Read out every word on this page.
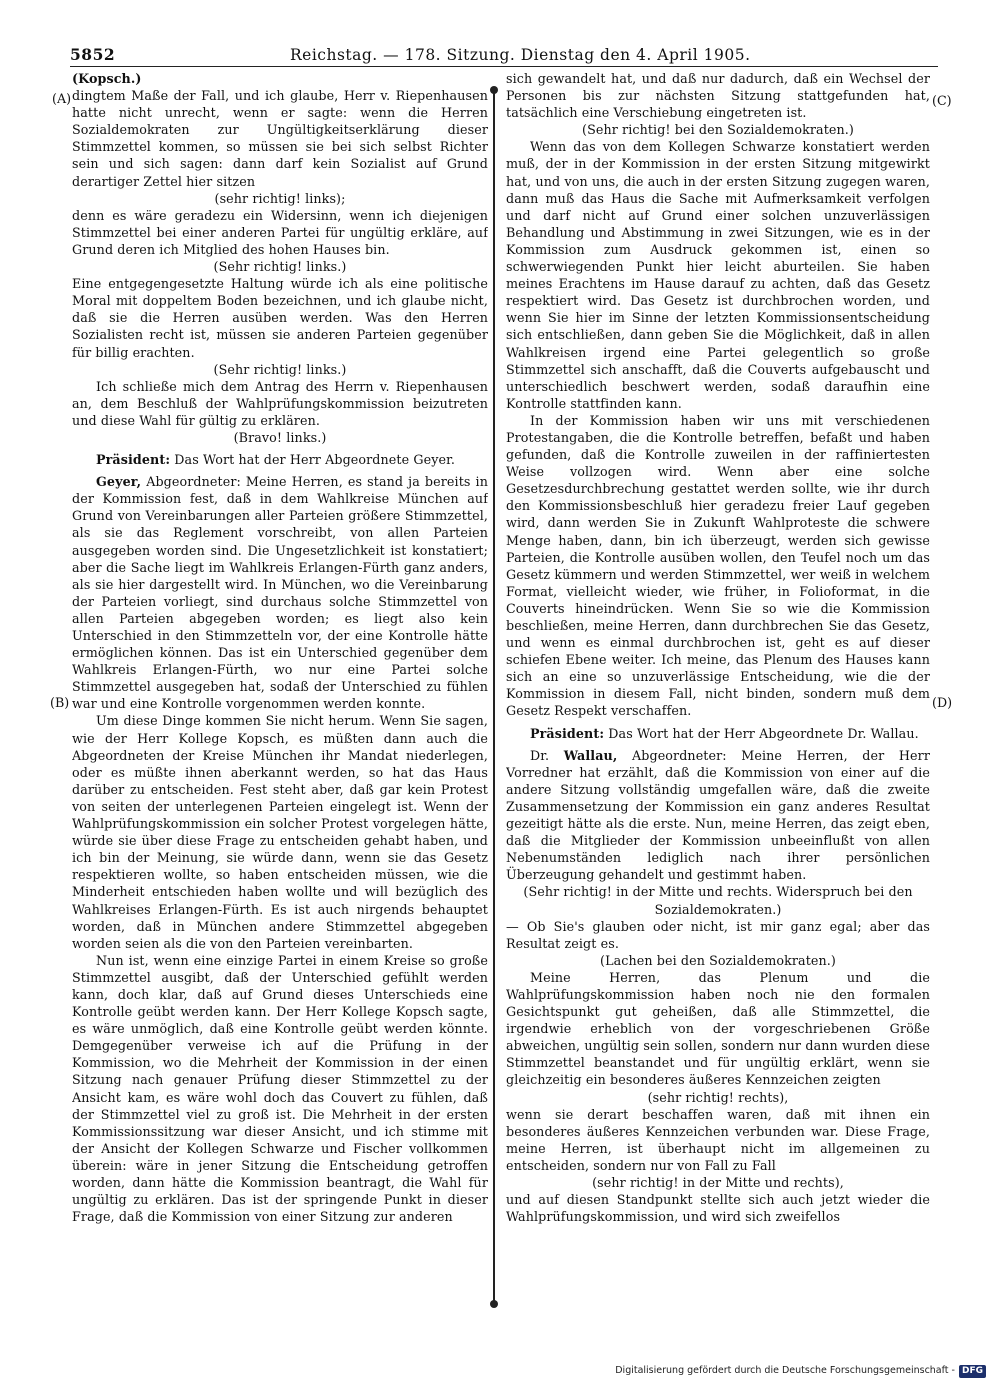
5852	Reichstag. — 178. Sitzung. Dienstag den 4. April 1905.
(A)
(B)
(C)
(D)

(Kopsch.)

dingtem Maße der Fall, und ich glaube, Herr v. Riepenhausen hatte nicht unrecht, wenn er sagte: wenn die Herren Sozialdemokraten zur Ungültigkeitserklärung dieser Stimmzettel kommen, so müssen sie bei sich selbst Richter sein und sich sagen: dann darf kein Sozialist auf Grund derartiger Zettel hier sitzen

(sehr richtig! links);

denn es wäre geradezu ein Widersinn, wenn ich diejenigen Stimmzettel bei einer anderen Partei für ungültig erkläre, auf Grund deren ich Mitglied des hohen Hauses bin.

(Sehr richtig! links.)

Eine entgegengesetzte Haltung würde ich als eine politische Moral mit doppeltem Boden bezeichnen, und ich glaube nicht, daß sie die Herren ausüben werden. Was den Herren Sozialisten recht ist, müssen sie anderen Parteien gegenüber für billig erachten.

(Sehr richtig! links.)

Ich schließe mich dem Antrag des Herrn v. Riepenhausen an, dem Beschluß der Wahlprüfungskommission beizutreten und diese Wahl für gültig zu erklären.

(Bravo! links.)

Präsident: Das Wort hat der Herr Abgeordnete Geyer.

Geyer, Abgeordneter: Meine Herren, es stand ja bereits in der Kommission fest, daß in dem Wahlkreise München auf Grund von Vereinbarungen aller Parteien größere Stimmzettel, als sie das Reglement vorschreibt, von allen Parteien ausgegeben worden sind. Die Ungesetzlichkeit ist konstatiert; aber die Sache liegt im Wahlkreis Erlangen-Fürth ganz anders, als sie hier dargestellt wird. In München, wo die Vereinbarung der Parteien vorliegt, sind durchaus solche Stimmzettel von allen Parteien abgegeben worden; es liegt also kein Unterschied in den Stimmzetteln vor, der eine Kontrolle hätte ermöglichen können. Das ist ein Unterschied gegenüber dem Wahlkreis Erlangen-Fürth, wo nur eine Partei solche Stimmzettel ausgegeben hat, sodaß der Unterschied zu fühlen war und eine Kontrolle vorgenommen werden konnte.

Um diese Dinge kommen Sie nicht herum. Wenn Sie sagen, wie der Herr Kollege Kopsch, es müßten dann auch die Abgeordneten der Kreise München ihr Mandat niederlegen, oder es müßte ihnen aberkannt werden, so hat das Haus darüber zu entscheiden. Fest steht aber, daß gar kein Protest von seiten der unterlegenen Parteien eingelegt ist. Wenn der Wahlprüfungskommission ein solcher Protest vorgelegen hätte, würde sie über diese Frage zu entscheiden gehabt haben, und ich bin der Meinung, sie würde dann, wenn sie das Gesetz respektieren wollte, so haben entscheiden müssen, wie die Minderheit entschieden haben wollte und will bezüglich des Wahlkreises Erlangen-Fürth. Es ist auch nirgends behauptet worden, daß in München andere Stimmzettel abgegeben worden seien als die von den Parteien vereinbarten.

Nun ist, wenn eine einzige Partei in einem Kreise so große Stimmzettel ausgibt, daß der Unterschied gefühlt werden kann, doch klar, daß auf Grund dieses Unterschieds eine Kontrolle geübt werden kann. Der Herr Kollege Kopsch sagte, es wäre unmöglich, daß eine Kontrolle geübt werden könnte. Demgegenüber verweise ich auf die Prüfung in der Kommission, wo die Mehrheit der Kommission in der einen Sitzung nach genauer Prüfung dieser Stimmzettel zu der Ansicht kam, es wäre wohl doch das Couvert zu fühlen, daß der Stimmzettel viel zu groß ist. Die Mehrheit in der ersten Kommissionssitzung war dieser Ansicht, und ich stimme mit der Ansicht der Kollegen Schwarze und Fischer vollkommen überein: wäre in jener Sitzung die Entscheidung getroffen worden, dann hätte die Kommission beantragt, die Wahl für ungültig zu erklären. Das ist der springende Punkt in dieser Frage, daß die Kommission von einer Sitzung zur anderen

sich gewandelt hat, und daß nur dadurch, daß ein Wechsel der Personen bis zur nächsten Sitzung stattgefunden hat, tatsächlich eine Verschiebung eingetreten ist.

(Sehr richtig! bei den Sozialdemokraten.)

Wenn das von dem Kollegen Schwarze konstatiert werden muß, der in der Kommission in der ersten Sitzung mitgewirkt hat, und von uns, die auch in der ersten Sitzung zugegen waren, dann muß das Haus die Sache mit Aufmerksamkeit verfolgen und darf nicht auf Grund einer solchen unzuverlässigen Behandlung und Abstimmung in zwei Sitzungen, wie es in der Kommission zum Ausdruck gekommen ist, einen so schwerwiegenden Punkt hier leicht aburteilen. Sie haben meines Erachtens im Hause darauf zu achten, daß das Gesetz respektiert wird. Das Gesetz ist durchbrochen worden, und wenn Sie hier im Sinne der letzten Kommissionsentscheidung sich entschließen, dann geben Sie die Möglichkeit, daß in allen Wahlkreisen irgend eine Partei gelegentlich so große Stimmzettel sich anschafft, daß die Couverts aufgebauscht und unterschiedlich beschwert werden, sodaß daraufhin eine Kontrolle stattfinden kann.

In der Kommission haben wir uns mit verschiedenen Protestangaben, die die Kontrolle betreffen, befaßt und haben gefunden, daß die Kontrolle zuweilen in der raffiniertesten Weise vollzogen wird. Wenn aber eine solche Gesetzesdurchbrechung gestattet werden sollte, wie ihr durch den Kommissionsbeschluß hier geradezu freier Lauf gegeben wird, dann werden Sie in Zukunft Wahlproteste die schwere Menge haben, dann, bin ich überzeugt, werden sich gewisse Parteien, die Kontrolle ausüben wollen, den Teufel noch um das Gesetz kümmern und werden Stimmzettel, wer weiß in welchem Format, vielleicht wieder, wie früher, in Folioformat, in die Couverts hineindrücken. Wenn Sie so wie die Kommission beschließen, meine Herren, dann durchbrechen Sie das Gesetz, und wenn es einmal durchbrochen ist, geht es auf dieser schiefen Ebene weiter. Ich meine, das Plenum des Hauses kann sich an eine so unzuverlässige Entscheidung, wie die der Kommission in diesem Fall, nicht binden, sondern muß dem Gesetz Respekt verschaffen.

Präsident: Das Wort hat der Herr Abgeordnete Dr. Wallau.

Dr. Wallau, Abgeordneter: Meine Herren, der Herr Vorredner hat erzählt, daß die Kommission von einer auf die andere Sitzung vollständig umgefallen wäre, daß die zweite Zusammensetzung der Kommission ein ganz anderes Resultat gezeitigt hätte als die erste. Nun, meine Herren, das zeigt eben, daß die Mitglieder der Kommission unbeeinflußt von allen Nebenumständen lediglich nach ihrer persönlichen Überzeugung gehandelt und gestimmt haben.

(Sehr richtig! in der Mitte und rechts. Widerspruch bei den Sozialdemokraten.)

— Ob Sie's glauben oder nicht, ist mir ganz egal; aber das Resultat zeigt es.

(Lachen bei den Sozialdemokraten.)

Meine Herren, das Plenum und die Wahlprüfungskommission haben noch nie den formalen Gesichtspunkt gut geheißen, daß alle Stimmzettel, die irgendwie erheblich von der vorgeschriebenen Größe abweichen, ungültig sein sollen, sondern nur dann wurden diese Stimmzettel beanstandet und für ungültig erklärt, wenn sie gleichzeitig ein besonderes äußeres Kennzeichen zeigten

(sehr richtig! rechts),

wenn sie derart beschaffen waren, daß mit ihnen ein besonderes äußeres Kennzeichen verbunden war. Diese Frage, meine Herren, ist überhaupt nicht im allgemeinen zu entscheiden, sondern nur von Fall zu Fall

(sehr richtig! in der Mitte und rechts),

und auf diesen Standpunkt stellte sich auch jetzt wieder die Wahlprüfungskommission, und wird sich zweifellos

Digitalisierung gefördert durch die Deutsche Forschungsgemeinschaft - DFG
